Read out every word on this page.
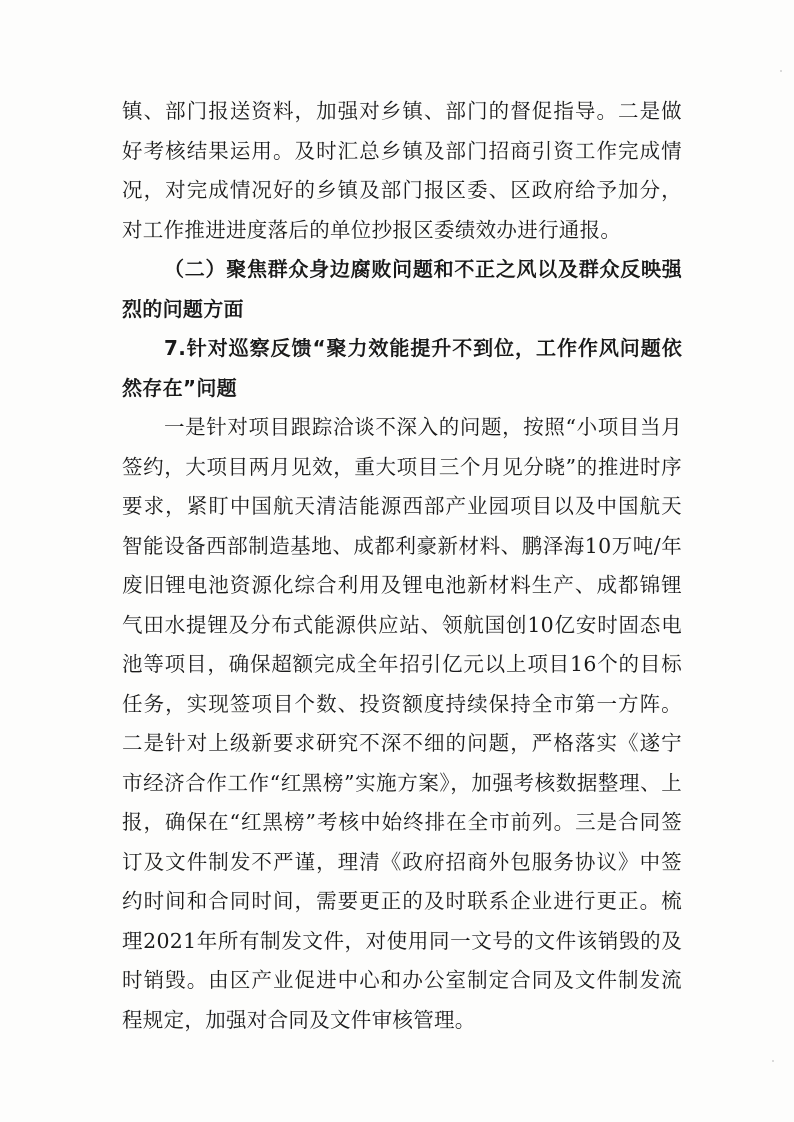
镇、部门报送资料，加强对乡镇、部门的督促指导。二是做好考核结果运用。及时汇总乡镇及部门招商引资工作完成情况，对完成情况好的乡镇及部门报区委、区政府给予加分，对工作推进进度落后的单位抄报区委绩效办进行通报。

（二）聚焦群众身边腐败问题和不正之风以及群众反映强烈的问题方面

7.针对巡察反馈“聚力效能提升不到位，工作作风问题依然存在”问题

一是针对项目跟踪洽谈不深入的问题，按照“小项目当月签约，大项目两月见效，重大项目三个月见分晓”的推进时序要求，紧盯中国航天清洁能源西部产业园项目以及中国航天智能设备西部制造基地、成都利豪新材料、鹏泽海10万吨/年废旧锂电池资源化综合利用及锂电池新材料生产、成都锦锂气田水提锂及分布式能源供应站、领航国创10亿安时固态电池等项目，确保超额完成全年招引亿元以上项目16个的目标任务，实现签项目个数、投资额度持续保持全市第一方阵。二是针对上级新要求研究不深不细的问题，严格落实《遂宁市经济合作工作“红黑榜”实施方案》，加强考核数据整理、上报，确保在“红黑榜”考核中始终排在全市前列。三是合同签订及文件制发不严谨，理清《政府招商外包服务协议》中签约时间和合同时间，需要更正的及时联系企业进行更正。梳理2021年所有制发文件，对使用同一文号的文件该销毁的及时销毁。由区产业促进中心和办公室制定合同及文件制发流程规定，加强对合同及文件审核管理。
